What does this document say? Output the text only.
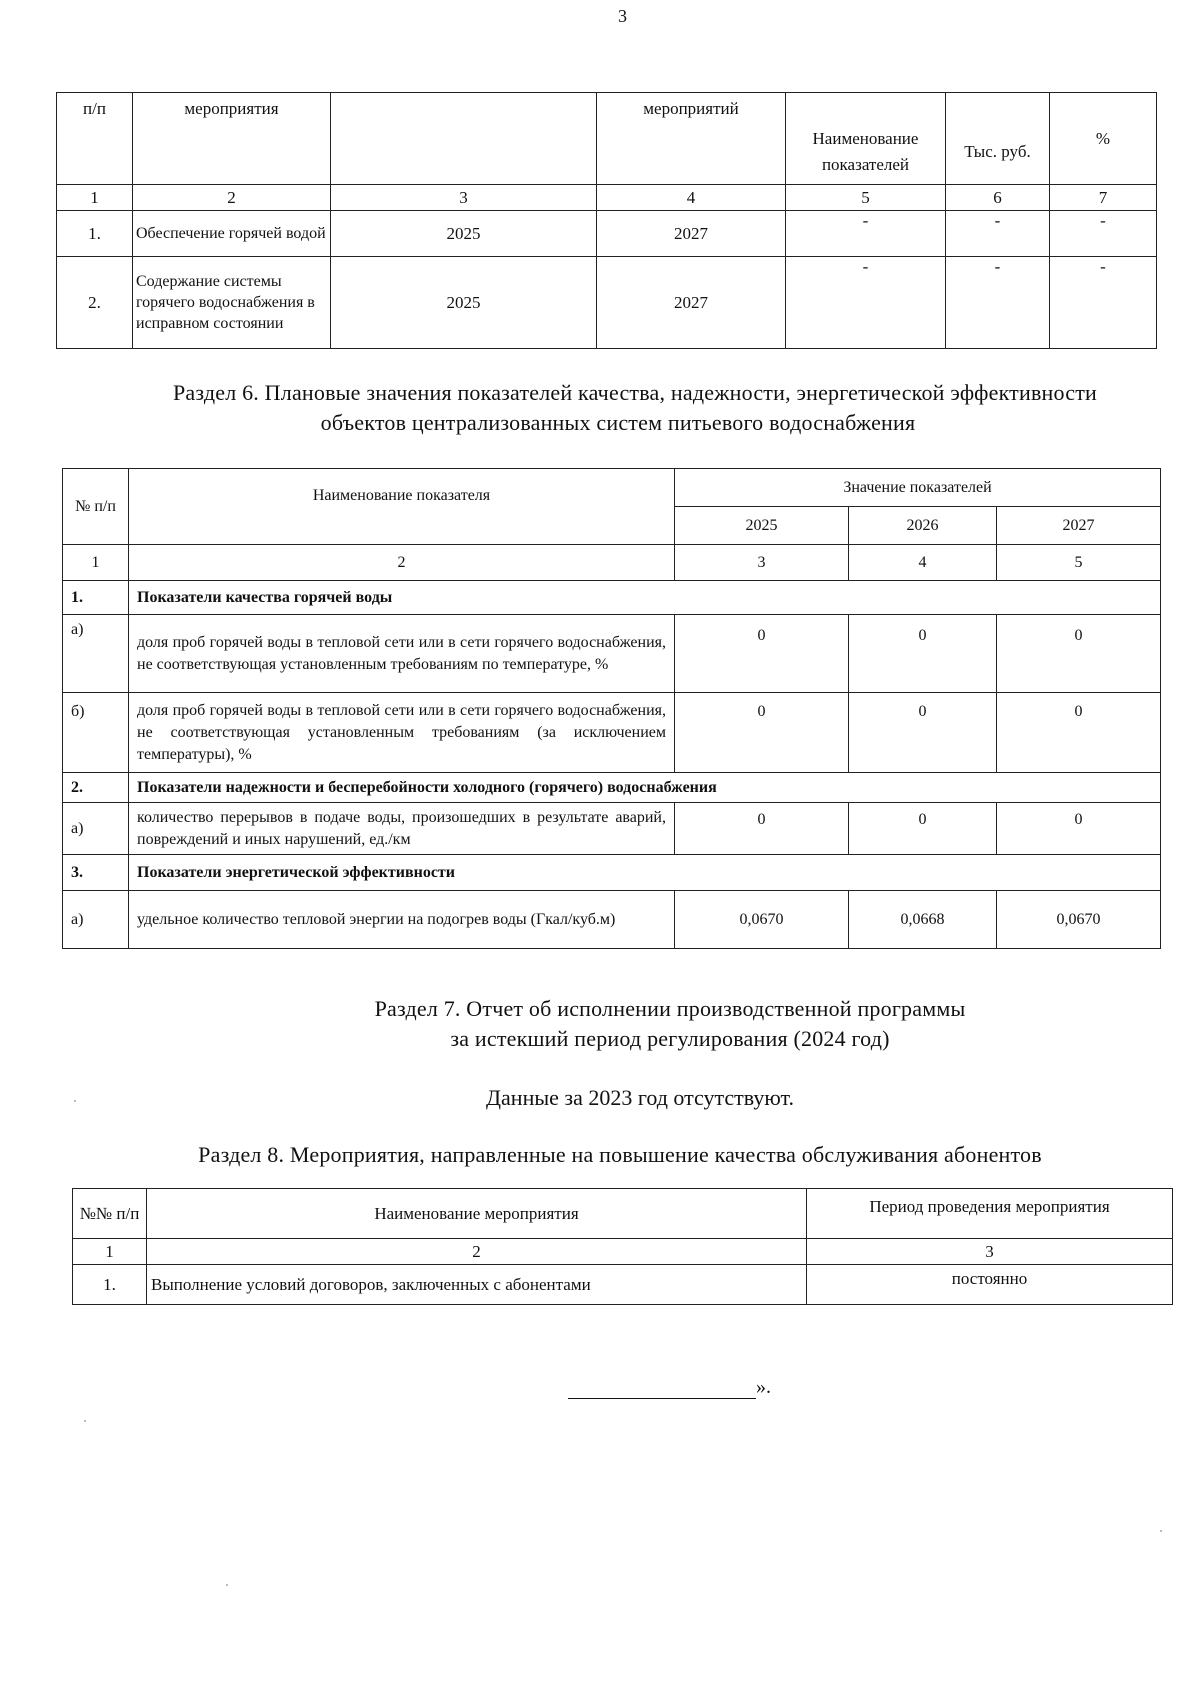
3
п/п	мероприятия		мероприятий	Наименование показателей	Тыс. руб.	%
1	2	3	4	5	6	7
1.	Обеспечение горячей водой	2025	2027	-	-	-
2.	Содержание системы горячего водоснабжения в исправном состоянии	2025	2027	-	-	-
Раздел 6. Плановые значения показателей качества, надежности, энергетической эффективности
объектов централизованных систем питьевого водоснабжения
№ п/п	Наименование показателя	Значение показателей		
		2025	2026	2027
1	2	3	4	5
1.	Показатели качества горячей воды			
а)	доля проб горячей воды в тепловой сети или в сети горячего водоснабжения, не соответствующая установленным требованиям по температуре, %	0	0	0
б)	доля проб горячей воды в тепловой сети или в сети горячего водоснабжения, не соответствующая установленным требованиям (за исключением температуры), %	0	0	0
2.	Показатели надежности и бесперебойности холодного (горячего) водоснабжения			
а)	количество перерывов в подаче воды, произошедших в результате аварий, повреждений и иных нарушений, ед./км	0	0	0
3.	Показатели энергетической эффективности			
а)	удельное количество тепловой энергии на подогрев воды (Гкал/куб.м)	0,0670	0,0668	0,0670
Раздел 7. Отчет об исполнении производственной программы
за истекший период регулирования (2024 год)
Данные за 2023 год отсутствуют.
Раздел 8. Мероприятия, направленные на повышение качества обслуживания абонентов
№№ п/п	Наименование мероприятия	Период проведения мероприятия
1	2	3
1.	Выполнение условий договоров, заключенных с абонентами	постоянно
».
